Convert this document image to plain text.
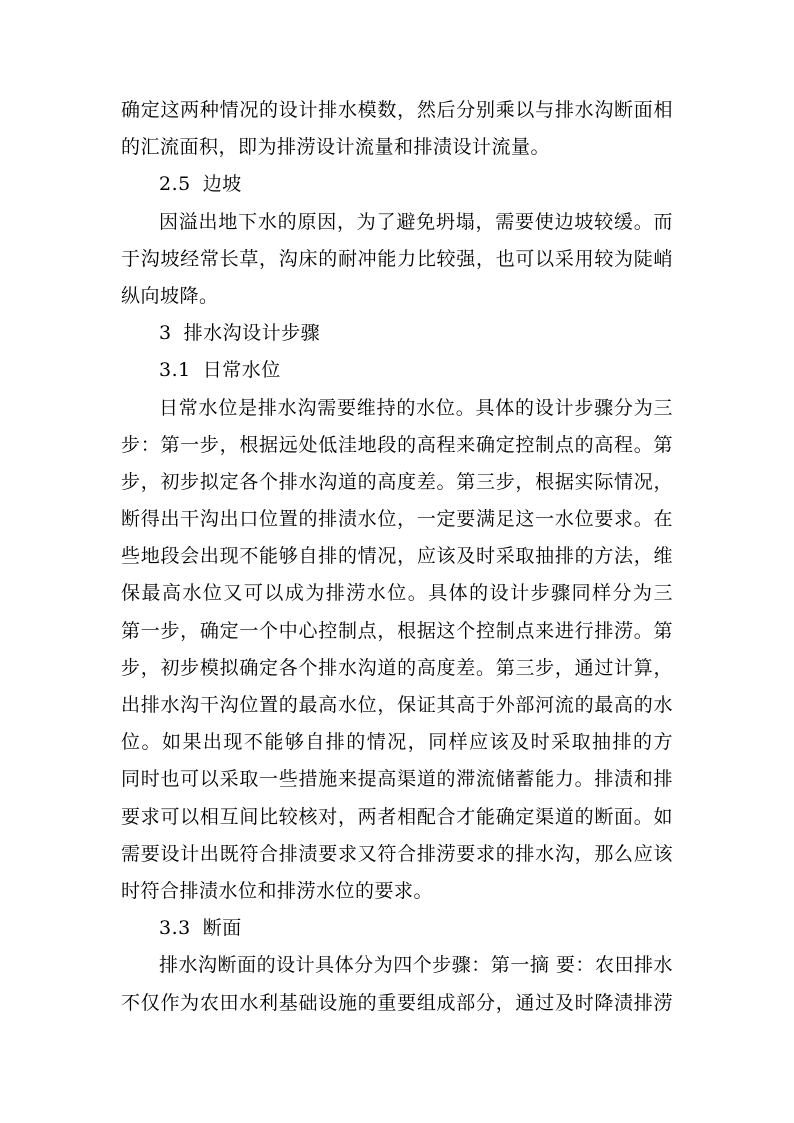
确定这两种情况的设计排水模数，然后分别乘以与排水沟断面相
的汇流面积，即为排涝设计流量和排渍设计流量。
2.5 边坡
因溢出地下水的原因，为了避免坍塌，需要使边坡较缓。而
于沟坡经常长草，沟床的耐冲能力比较强，也可以采用较为陡峭
纵向坡降。
3 排水沟设计步骤
3.1 日常水位
日常水位是排水沟需要维持的水位。具体的设计步骤分为三
步：第一步，根据远处低洼地段的高程来确定控制点的高程。第
步，初步拟定各个排水沟道的高度差。第三步，根据实际情况，
断得出干沟出口位置的排渍水位，一定要满足这一水位要求。在
些地段会出现不能够自排的情况，应该及时采取抽排的方法，维
保最高水位又可以成为排涝水位。具体的设计步骤同样分为三
第一步，确定一个中心控制点，根据这个控制点来进行排涝。第
步，初步模拟确定各个排水沟道的高度差。第三步，通过计算，
出排水沟干沟位置的最高水位，保证其高于外部河流的最高的水
位。如果出现不能够自排的情况，同样应该及时采取抽排的方
同时也可以采取一些措施来提高渠道的滞流储蓄能力。排渍和排
要求可以相互间比较核对，两者相配合才能确定渠道的断面。如
需要设计出既符合排渍要求又符合排涝要求的排水沟，那么应该
时符合排渍水位和排涝水位的要求。
3.3 断面
排水沟断面的设计具体分为四个步骤：第一摘 要：农田排水
不仅作为农田水利基础设施的重要组成部分，通过及时降渍排涝
